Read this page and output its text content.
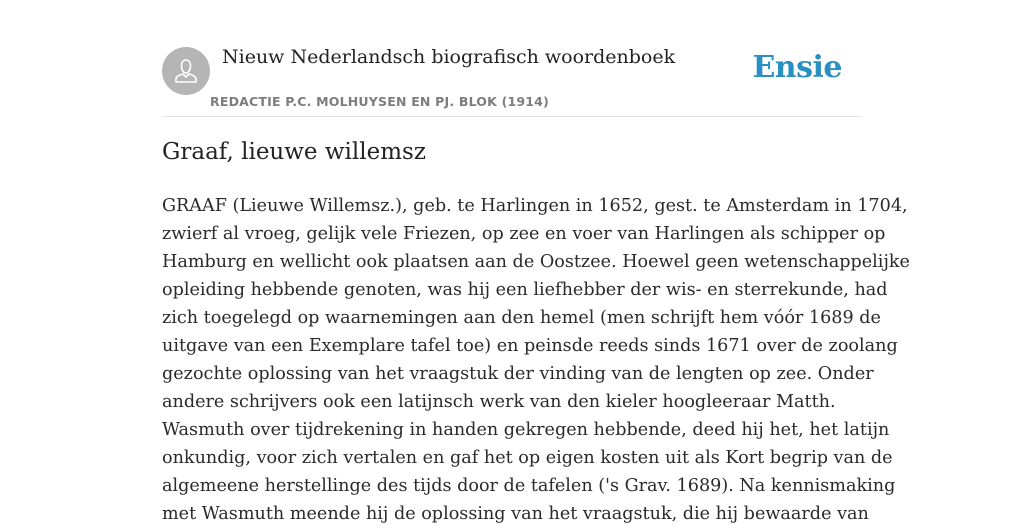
Nieuw Nederlandsch biografisch woordenboek
REDACTIE P.C. MOLHUYSEN EN PJ. BLOK (1914)
Ensie
Graaf, lieuwe willemsz

GRAAF (Lieuwe Willemsz.), geb. te Harlingen in 1652, gest. te Amsterdam in 1704,
zwierf al vroeg, gelijk vele Friezen, op zee en voer van Harlingen als schipper op
Hamburg en wellicht ook plaatsen aan de Oostzee. Hoewel geen wetenschappelijke
opleiding hebbende genoten, was hij een liefhebber der wis- en sterrekunde, had
zich toegelegd op waarnemingen aan den hemel (men schrijft hem vóór 1689 de
uitgave van een Exemplare tafel toe) en peinsde reeds sinds 1671 over de zoolang
gezochte oplossing van het vraagstuk der vinding van de lengten op zee. Onder
andere schrijvers ook een latijnsch werk van den kieler hoogleeraar Matth.
Wasmuth over tijdrekening in handen gekregen hebbende, deed hij het, het latijn
onkundig, voor zich vertalen en gaf het op eigen kosten uit als Kort begrip van de
algemeene herstellinge des tijds door de tafelen ('s Grav. 1689). Na kennismaking
met Wasmuth meende hij de oplossing van het vraagstuk, die hij bewaarde van
